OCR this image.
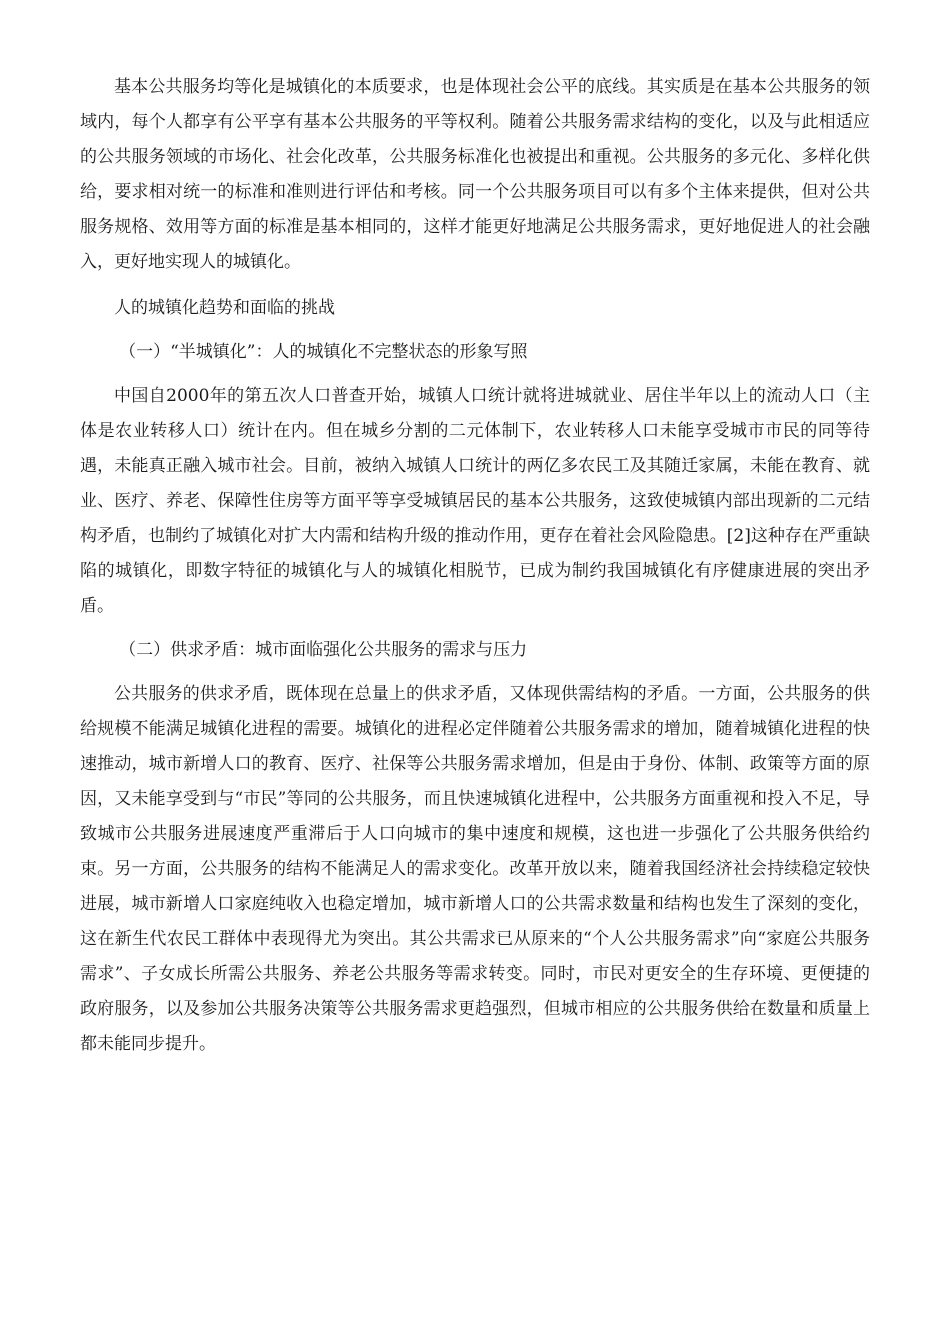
基本公共服务均等化是城镇化的本质要求，也是体现社会公平的底线。其实质是在基本公共服务的领域内，每个人都享有公平享有基本公共服务的平等权利。随着公共服务需求结构的变化，以及与此相适应的公共服务领域的市场化、社会化改革，公共服务标准化也被提出和重视。公共服务的多元化、多样化供给，要求相对统一的标准和准则进行评估和考核。同一个公共服务项目可以有多个主体来提供，但对公共服务规格、效用等方面的标准是基本相同的，这样才能更好地满足公共服务需求，更好地促进人的社会融入，更好地实现人的城镇化。

人的城镇化趋势和面临的挑战

（一）“半城镇化”：人的城镇化不完整状态的形象写照

中国自2000年的第五次人口普查开始，城镇人口统计就将进城就业、居住半年以上的流动人口（主体是农业转移人口）统计在内。但在城乡分割的二元体制下，农业转移人口未能享受城市市民的同等待遇，未能真正融入城市社会。目前，被纳入城镇人口统计的两亿多农民工及其随迁家属，未能在教育、就业、医疗、养老、保障性住房等方面平等享受城镇居民的基本公共服务，这致使城镇内部出现新的二元结构矛盾，也制约了城镇化对扩大内需和结构升级的推动作用，更存在着社会风险隐患。[2]这种存在严重缺陷的城镇化，即数字特征的城镇化与人的城镇化相脱节，已成为制约我国城镇化有序健康进展的突出矛盾。

（二）供求矛盾：城市面临强化公共服务的需求与压力

公共服务的供求矛盾，既体现在总量上的供求矛盾，又体现供需结构的矛盾。一方面，公共服务的供给规模不能满足城镇化进程的需要。城镇化的进程必定伴随着公共服务需求的增加，随着城镇化进程的快速推动，城市新增人口的教育、医疗、社保等公共服务需求增加，但是由于身份、体制、政策等方面的原因，又未能享受到与“市民”等同的公共服务，而且快速城镇化进程中，公共服务方面重视和投入不足，导致城市公共服务进展速度严重滞后于人口向城市的集中速度和规模，这也进一步强化了公共服务供给约束。另一方面，公共服务的结构不能满足人的需求变化。改革开放以来，随着我国经济社会持续稳定较快进展，城市新增人口家庭纯收入也稳定增加，城市新增人口的公共需求数量和结构也发生了深刻的变化，这在新生代农民工群体中表现得尤为突出。其公共需求已从原来的“个人公共服务需求”向“家庭公共服务需求”、子女成长所需公共服务、养老公共服务等需求转变。同时，市民对更安全的生存环境、更便捷的政府服务，以及参加公共服务决策等公共服务需求更趋强烈，但城市相应的公共服务供给在数量和质量上都未能同步提升。
